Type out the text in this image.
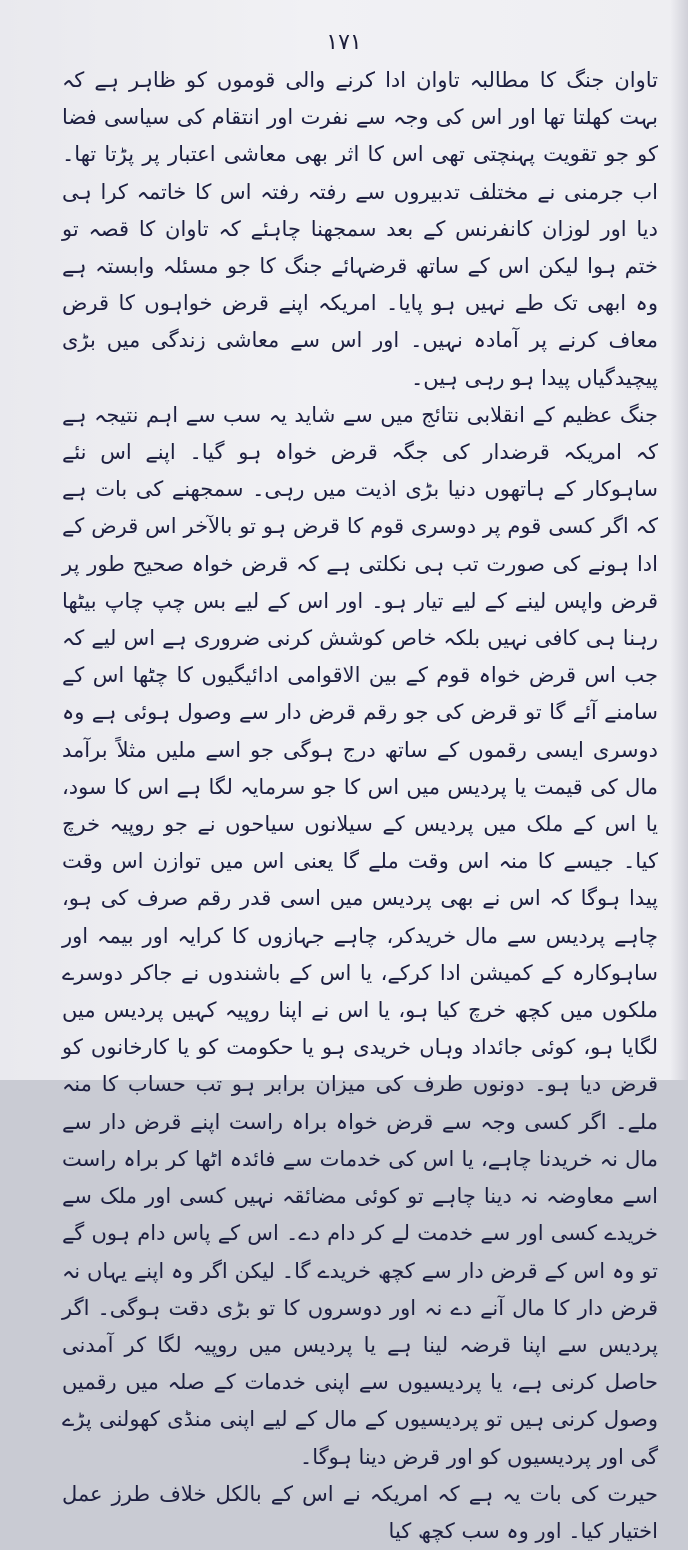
۱۷۱

تاوان جنگ کا مطالبہ تاوان ادا کرنے والی قوموں کو ظاہر ہے کہ بہت کھلتا تھا اور اس کی وجہ سے نفرت اور انتقام کی سیاسی فضا کو جو تقویت پہنچتی تھی اس کا اثر بھی معاشی اعتبار پر پڑتا تھا۔ اب جرمنی نے مختلف تدبیروں سے رفتہ رفتہ اس کا خاتمہ کرا ہی دیا اور لوزان کانفرنس کے بعد سمجھنا چاہئے کہ تاوان کا قصہ تو ختم ہوا لیکن اس کے ساتھ قرضہائے جنگ کا جو مسئلہ وابستہ ہے وہ ابھی تک طے نہیں ہو پایا۔ امریکہ اپنے قرض خواہوں کا قرض معاف کرنے پر آمادہ نہیں۔ اور اس سے معاشی زندگی میں بڑی پیچیدگیاں پیدا ہو رہی ہیں۔

جنگ عظیم کے انقلابی نتائج میں سے شاید یہ سب سے اہم نتیجہ ہے کہ امریکہ قرضدار کی جگہ قرض خواہ ہو گیا۔ اپنے اس نئے ساہوکار کے ہاتھوں دنیا بڑی اذیت میں رہی۔ سمجھنے کی بات ہے کہ اگر کسی قوم پر دوسری قوم کا قرض ہو تو بالآخر اس قرض کے ادا ہونے کی صورت تب ہی نکلتی ہے کہ قرض خواہ صحیح طور پر قرض واپس لینے کے لیے تیار ہو۔ اور اس کے لیے بس چپ چاپ بیٹھا رہنا ہی کافی نہیں بلکہ خاص کوشش کرنی ضروری ہے اس لیے کہ جب اس قرض خواہ قوم کے بین الاقوامی ادائیگیوں کا چٹھا اس کے سامنے آئے گا تو قرض کی جو رقم قرض دار سے وصول ہوئی ہے وہ دوسری ایسی رقموں کے ساتھ درج ہوگی جو اسے ملیں مثلاً برآمد مال کی قیمت یا پردیس میں اس کا جو سرمایہ لگا ہے اس کا سود، یا اس کے ملک میں پردیس کے سیلانوں سیاحوں نے جو روپیہ خرچ کیا۔ جیسے کا منہ اس وقت ملے گا یعنی اس میں توازن اس وقت پیدا ہوگا کہ اس نے بھی پردیس میں اسی قدر رقم صرف کی ہو، چاہے پردیس سے مال خریدکر، چاہے جہازوں کا کرایہ اور بیمہ اور ساہوکارہ کے کمیشن ادا کرکے، یا اس کے باشندوں نے جاکر دوسرے ملکوں میں کچھ خرچ کیا ہو، یا اس نے اپنا روپیہ کہیں پردیس میں لگایا ہو، کوئی جائداد وہاں خریدی ہو یا حکومت کو یا کارخانوں کو قرض دیا ہو۔ دونوں طرف کی میزان برابر ہو تب حساب کا منہ ملے۔ اگر کسی وجہ سے قرض خواہ براہ راست اپنے قرض دار سے مال نہ خریدنا چاہے، یا اس کی خدمات سے فائدہ اٹھا کر براہ راست اسے معاوضہ نہ دینا چاہے تو کوئی مضائقہ نہیں کسی اور ملک سے خریدے کسی اور سے خدمت لے کر دام دے۔ اس کے پاس دام ہوں گے تو وہ اس کے قرض دار سے کچھ خریدے گا۔ لیکن اگر وہ اپنے یہاں نہ قرض دار کا مال آنے دے نہ اور دوسروں کا تو بڑی دقت ہوگی۔ اگر پردیس سے اپنا قرضہ لینا ہے یا پردیس میں روپیہ لگا کر آمدنی حاصل کرنی ہے، یا پردیسیوں سے اپنی خدمات کے صلہ میں رقمیں وصول کرنی ہیں تو پردیسیوں کے مال کے لیے اپنی منڈی کھولنی پڑے گی اور پردیسیوں کو اور قرض دینا ہوگا۔

حیرت کی بات یہ ہے کہ امریکہ نے اس کے بالکل خلاف طرز عمل اختیار کیا۔ اور وہ سب کچھ کیا
